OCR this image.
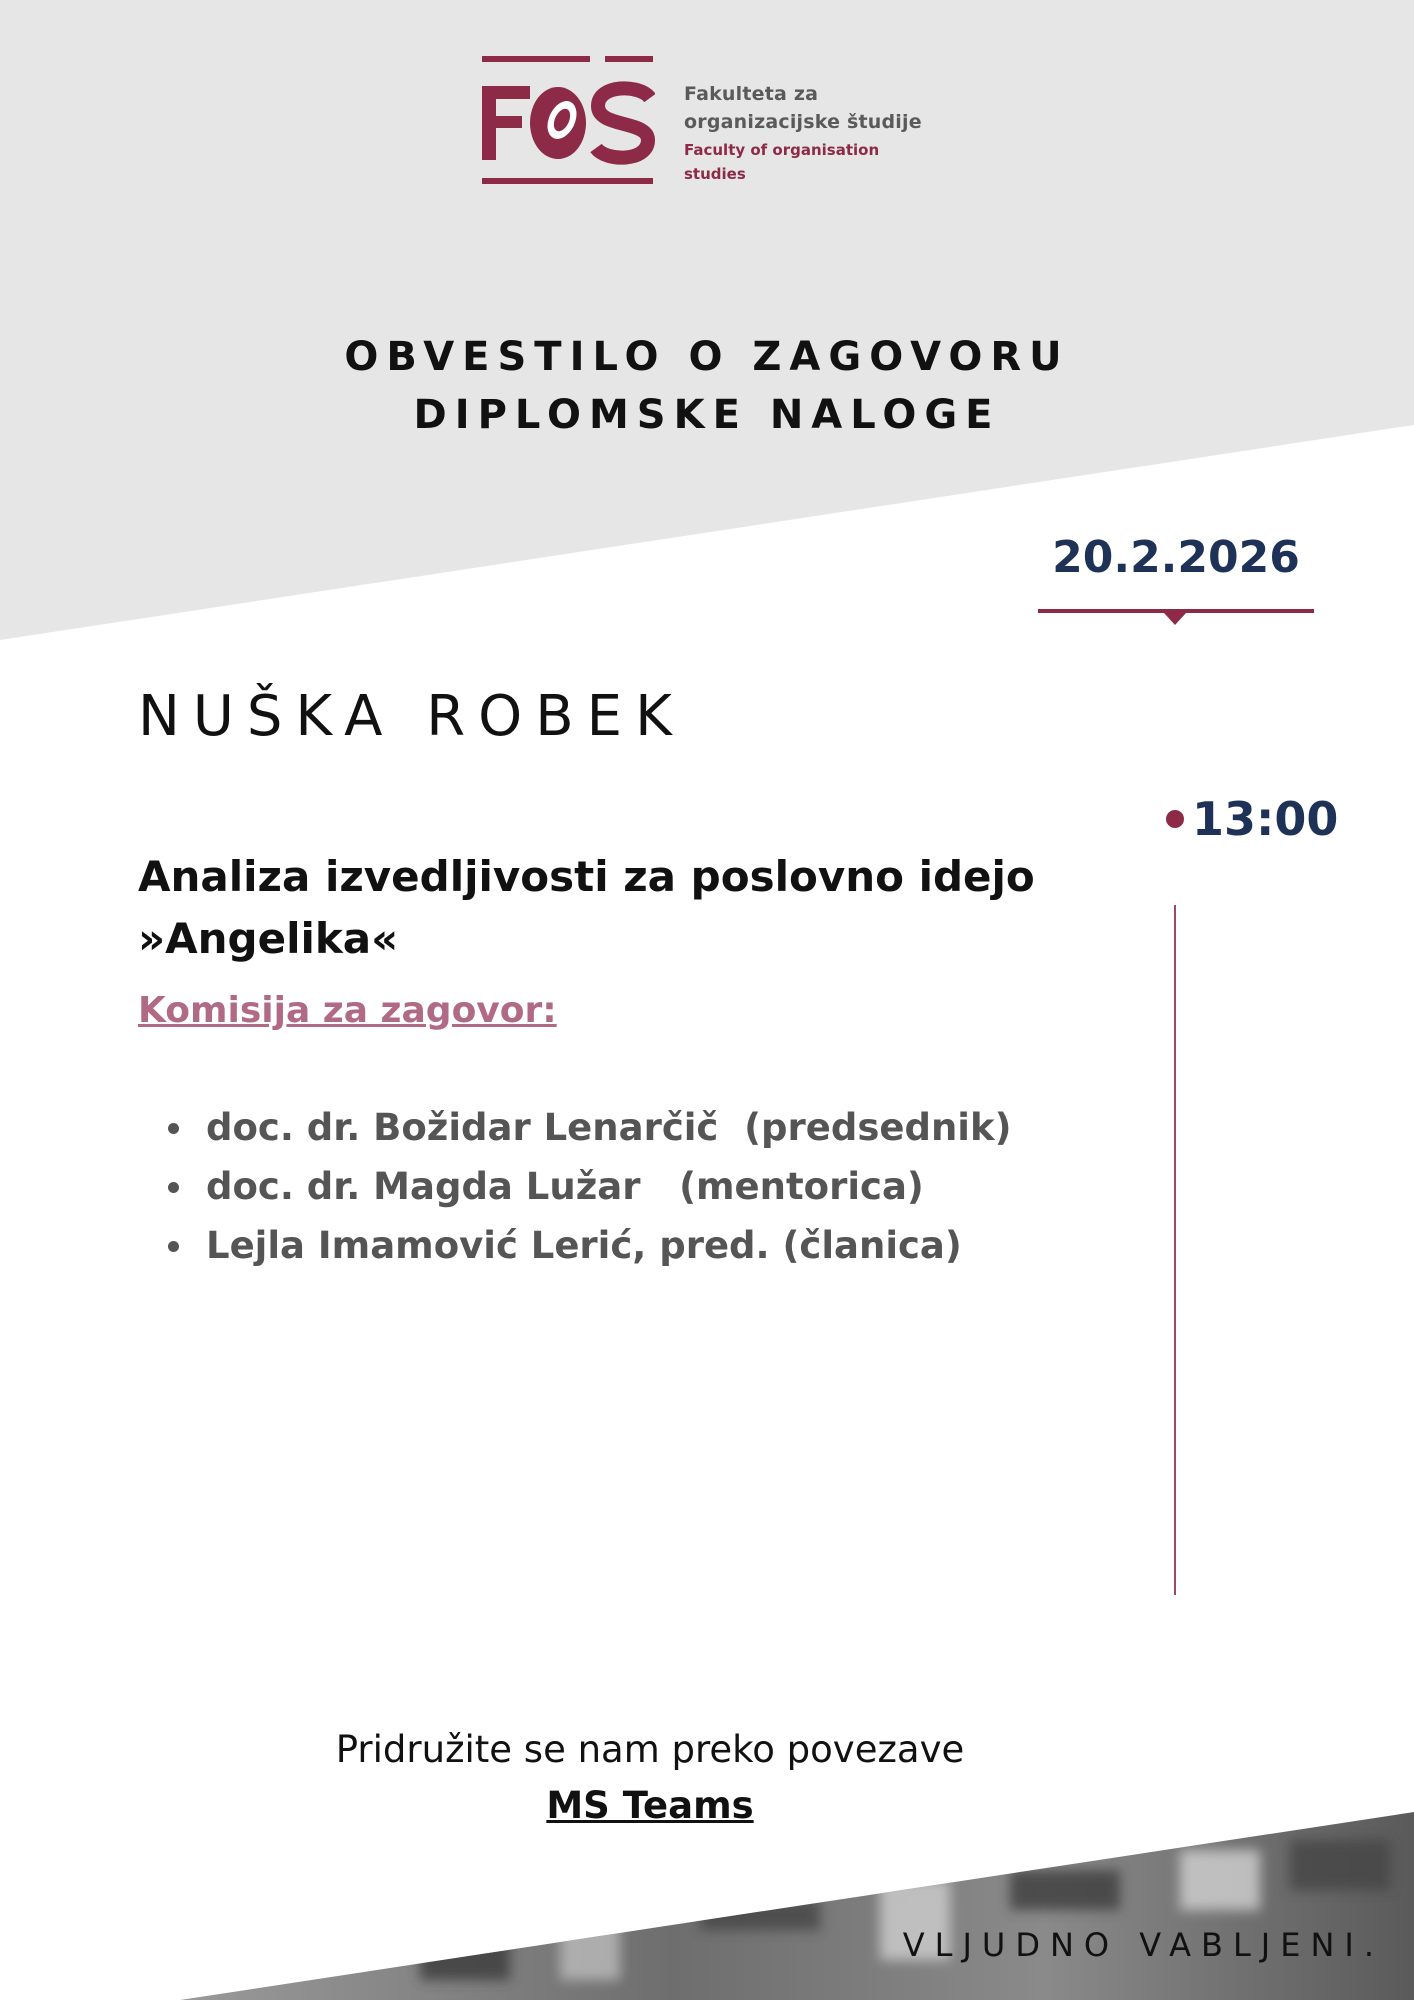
Fakulteta za
organizacijske študije
Faculty of organisation studies
OBVESTILO O ZAGOVORU
DIPLOMSKE NALOGE
20.2.2026
NUŠKA ROBEK
13:00
Analiza izvedljivosti za poslovno idejo
»Angelika«
Komisija za zagovor:
doc. dr. Božidar Lenarčič  (predsednik)
doc. dr. Magda Lužar   (mentorica)
Lejla Imamović Lerić, pred. (članica)
Pridružite se nam preko povezave
MS Teams
VLJUDNO VABLJENI.
